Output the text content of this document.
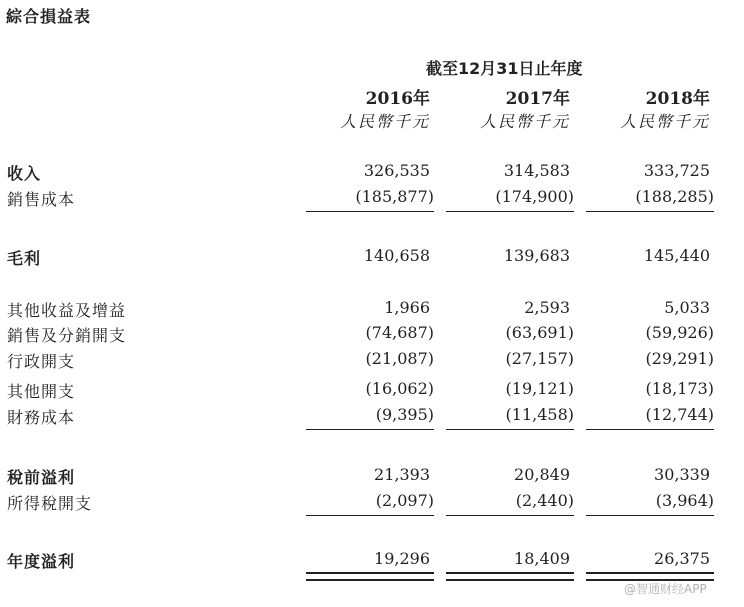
綜合損益表
截至12月31日止年度
2016年	2017年	2018年
人民幣千元	人民幣千元	人民幣千元
收入	326,535	314,583	333,725
銷售成本	(185,877)	(174,900)	(188,285)
毛利	140,658	139,683	145,440
其他收益及增益	1,966	2,593	5,033
銷售及分銷開支	(74,687)	(63,691)	(59,926)
行政開支	(21,087)	(27,157)	(29,291)
其他開支	(16,062)	(19,121)	(18,173)
財務成本	(9,395)	(11,458)	(12,744)
稅前溢利	21,393	20,849	30,339
所得稅開支	(2,097)	(2,440)	(3,964)
年度溢利	19,296	18,409	26,375
@智通财经APP
